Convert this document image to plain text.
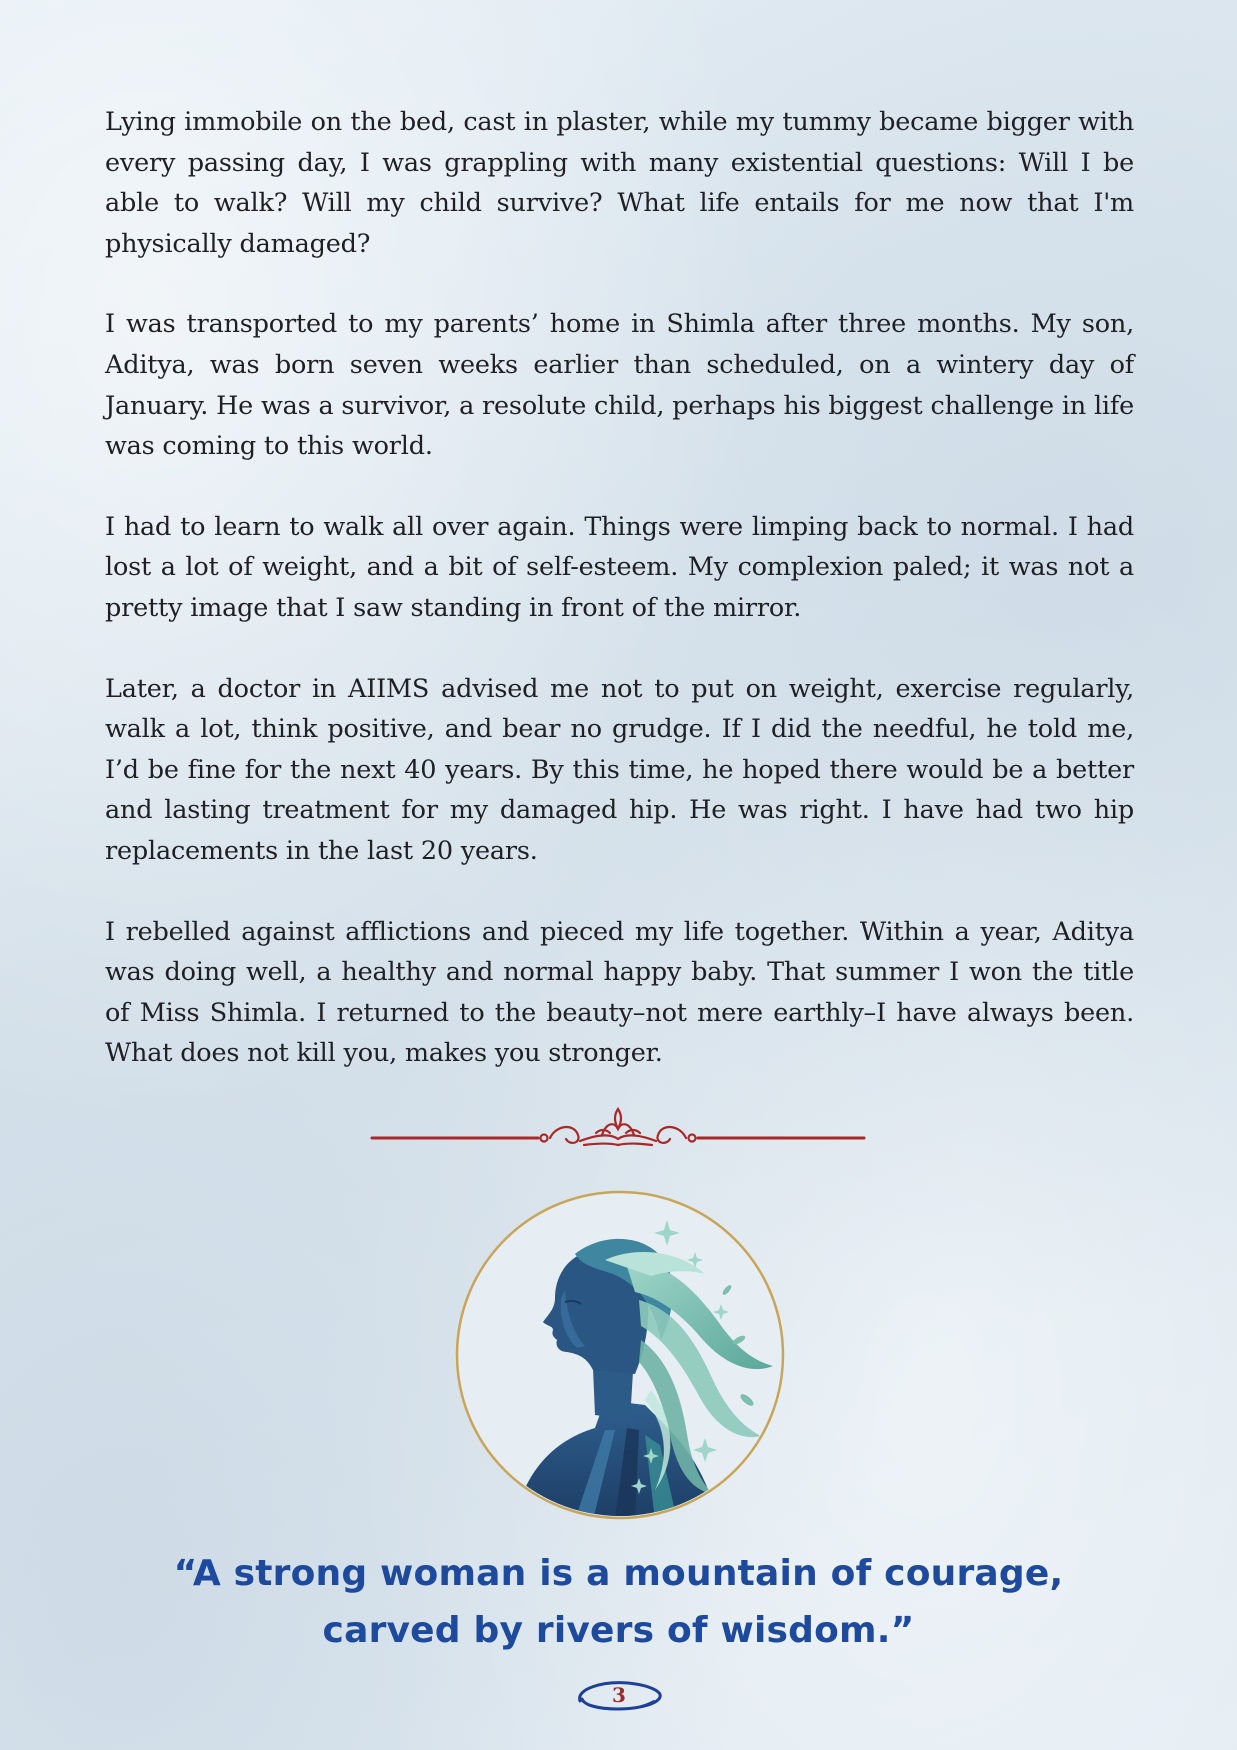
Lying immobile on the bed, cast in plaster, while my tummy became bigger with every passing day, I was grappling with many existential questions: Will I be able to walk? Will my child survive? What life entails for me now that I'm physically damaged?

I was transported to my parents’ home in Shimla after three months. My son, Aditya, was born seven weeks earlier than scheduled, on a wintery day of January. He was a survivor, a resolute child, perhaps his biggest challenge in life was coming to this world.

I had to learn to walk all over again. Things were limping back to normal. I had lost a lot of weight, and a bit of self-esteem. My complexion paled; it was not a pretty image that I saw standing in front of the mirror.

Later, a doctor in AIIMS advised me not to put on weight, exercise regularly, walk a lot, think positive, and bear no grudge. If I did the needful, he told me, I’d be fine for the next 40 years. By this time, he hoped there would be a better and lasting treatment for my damaged hip. He was right. I have had two hip replacements in the last 20 years.

I rebelled against afflictions and pieced my life together. Within a year, Aditya was doing well, a healthy and normal happy baby. That summer I won the title of Miss Shimla. I returned to the beauty–not mere earthly–I have always been. What does not kill you, makes you stronger.

“A strong woman is a mountain of courage,
carved by rivers of wisdom.”
3
